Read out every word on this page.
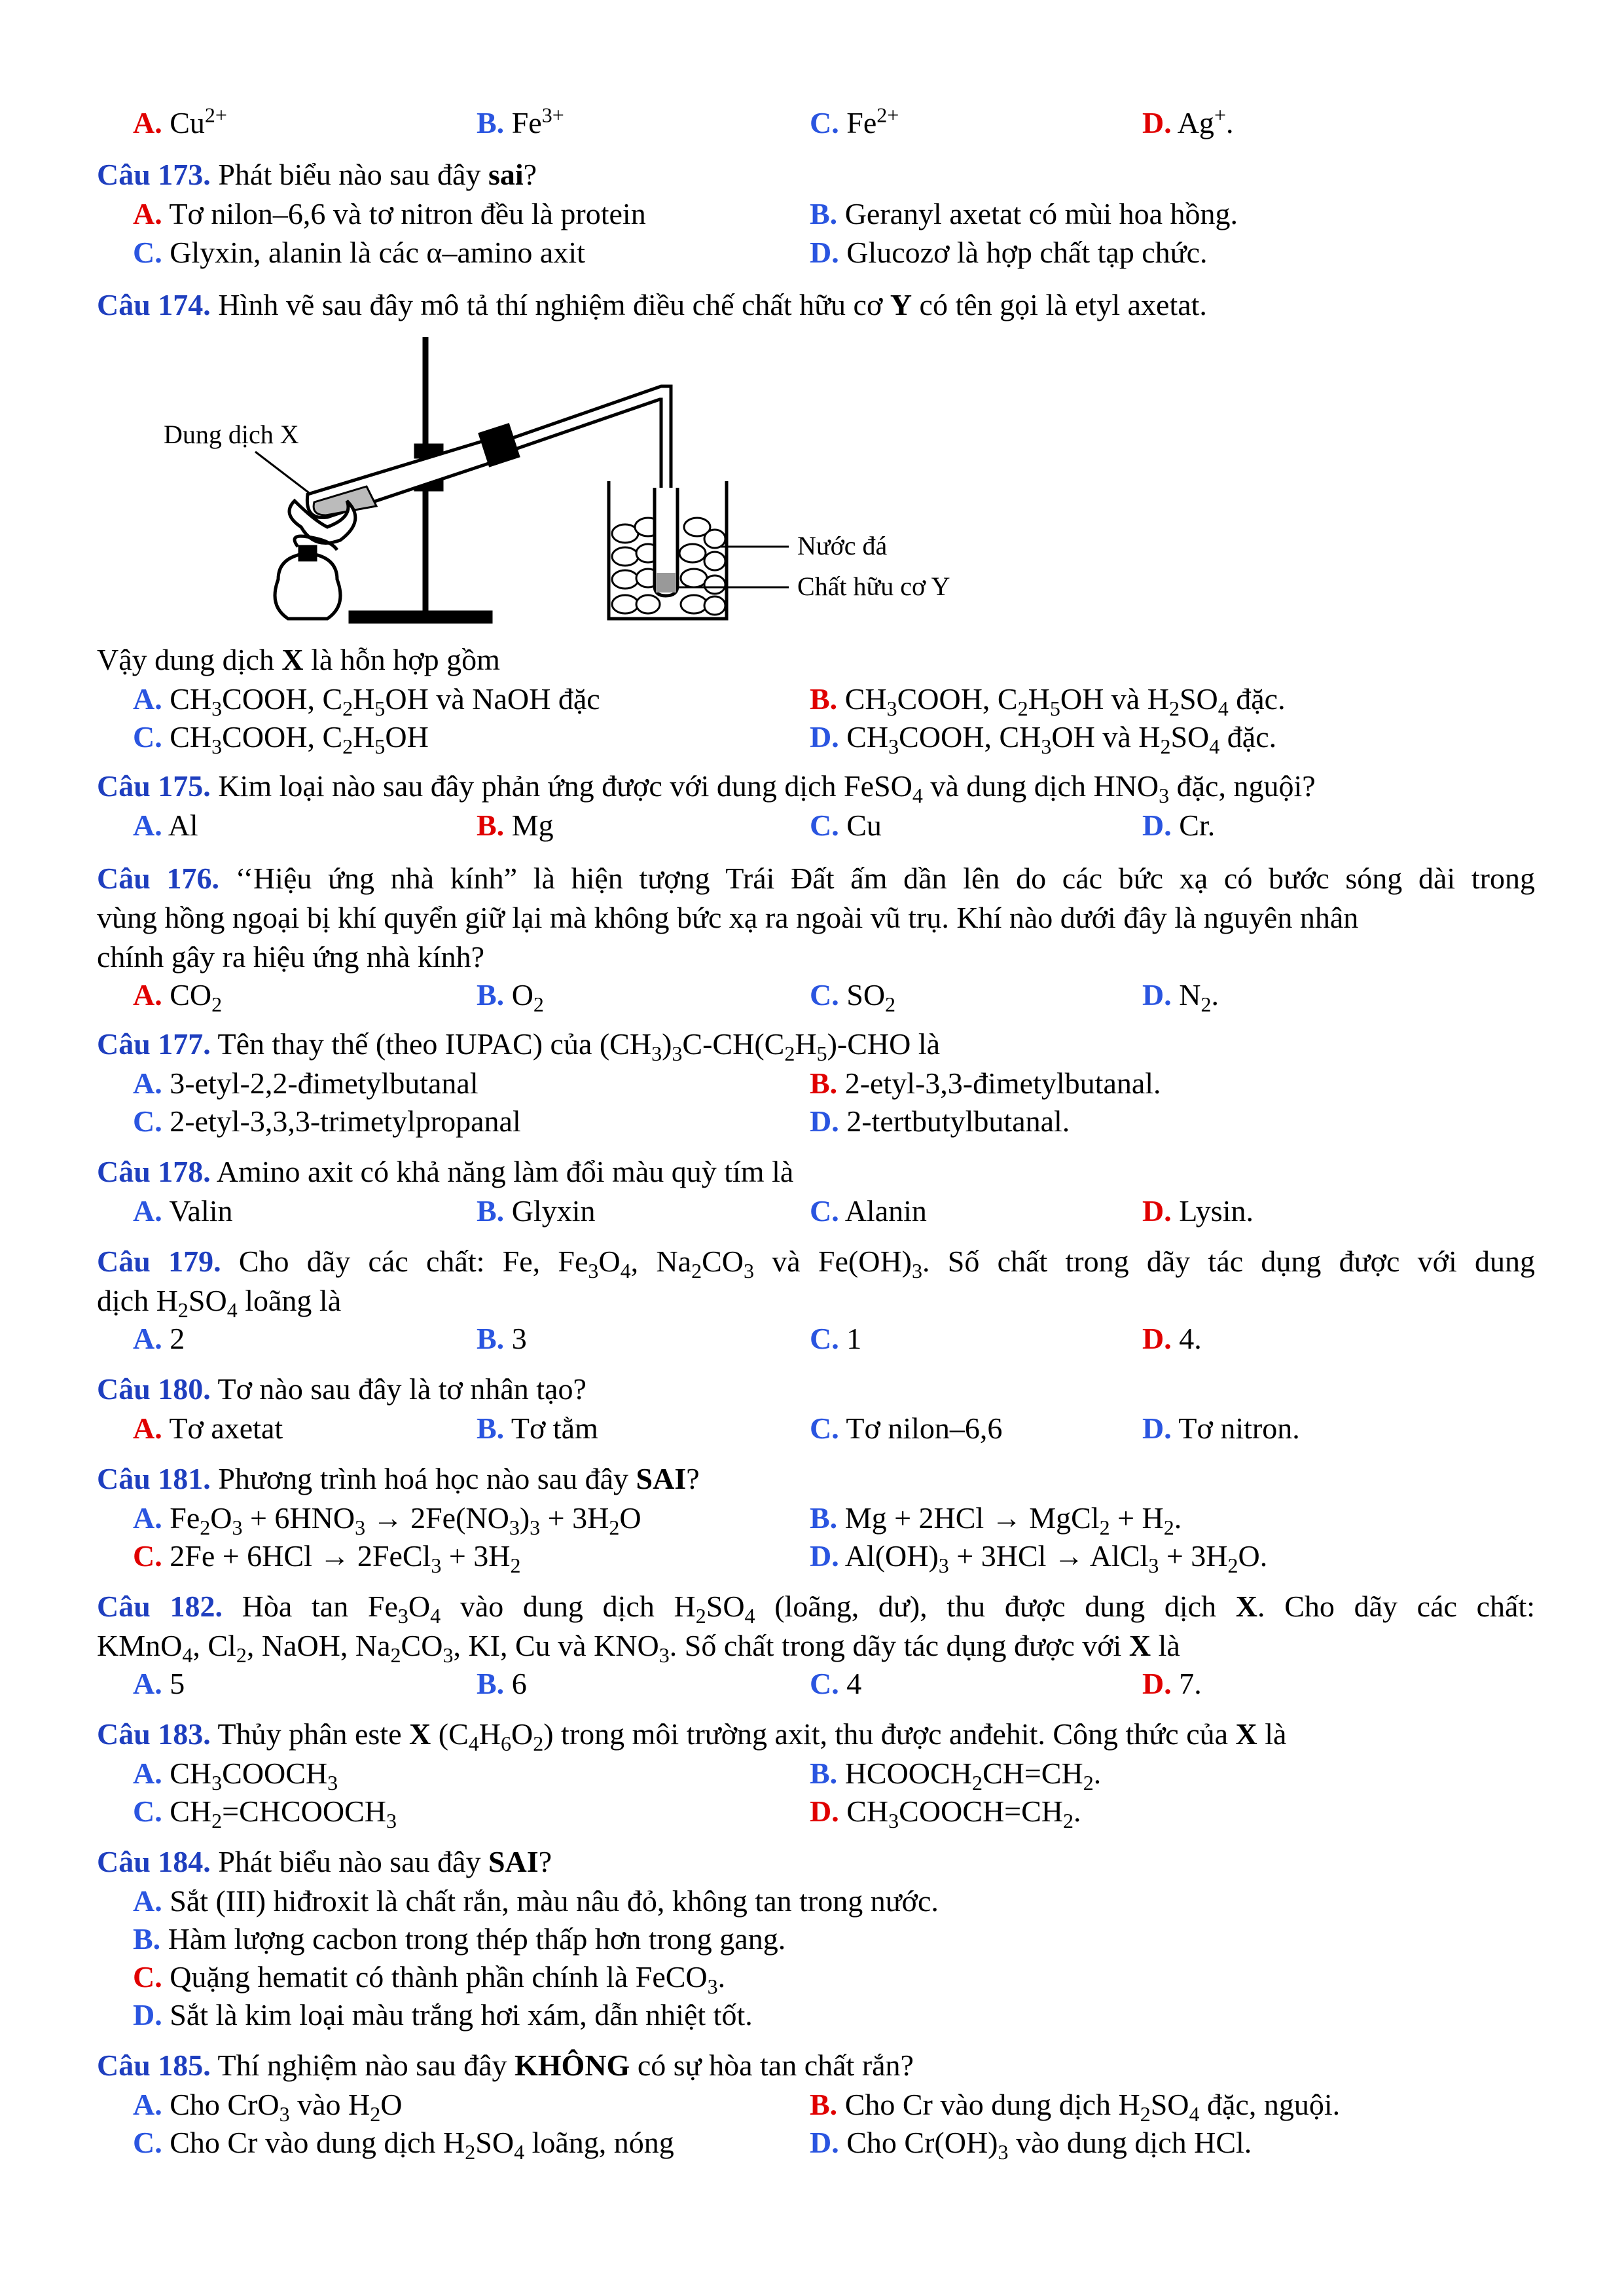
A. $Cu^{2+}$	B. $Fe^{3+}$	C. $Fe^{2+}$	D. Ag+.
Câu 173. Phát biểu nào sau đây sai?
A. Tơ nilon–6,6 và tơ nitron đều là protein	B. Geranyl axetat có mùi hoa hồng.
C. Glyxin, alanin là các α–amino axit	D. Glucozơ là hợp chất tạp chức.
Câu 174. Hình vẽ sau đây mô tả thí nghiệm điều chế chất hữu cơ Y có tên gọi là etyl axetat.
Dung dịch X
Nước đá
Chất hữu cơ Y
Vậy dung dịch X là hỗn hợp gồm
A. $CH_3COOH$, $C_2H_5OH$ và NaOH đặc	B. $CH_3COOH$, $C_2H_5OH$ và $H_2SO_4$ đặc.
C. $CH_3COOH$, $C_2H_5OH$	D. $CH_3COOH$, $CH_3OH$ và $H_2SO_4$ đặc.
Câu 175. Kim loại nào sau đây phản ứng được với dung dịch FeSO$_4$ và dung dịch $HNO_3$ đặc, nguội?
A. Al	B. Mg	C. Cu	D. Cr.
Câu 176. ‘‘Hiệu ứng nhà kính” là hiện tượng Trái Đất ấm dần lên do các bức xạ có bước sóng dài trong
vùng hồng ngoại bị khí quyển giữ lại mà không bức xạ ra ngoài vũ trụ. Khí nào dưới đây là nguyên nhân
chính gây ra hiệu ứng nhà kính?
A. $CO_2$	B. $O_2$	C. $SO_2$	D. $N_2$.
Câu 177. Tên thay thế (theo IUPAC) của $(CH_3)_3C-CH(C_2H_5)$-CHO là
A. 3-etyl-2,2-đimetylbutanal	B. 2-etyl-3,3-đimetylbutanal.
C. 2-etyl-3,3,3-trimetylpropanal	D. 2-tertbutylbutanal.
Câu 178. Amino axit có khả năng làm đổi màu quỳ tím là
A. Valin	B. Glyxin	C. Alanin	D. Lysin.
Câu 179. Cho dãy các chất: Fe, $Fe_3O_4$, $Na_2CO_3$ và $Fe(OH)_3$. Số chất trong dãy tác dụng được với dung
dịch $H_2SO_4$ loãng là
A. 2	B. 3	C. 1	D. 4.
Câu 180. Tơ nào sau đây là tơ nhân tạo?
A. Tơ axetat	B. Tơ tằm	C. Tơ nilon–6,6	D. Tơ nitron.
Câu 181. Phương trình hoá học nào sau đây SAI?
A. $Fe_2O_3 + 6HNO_3 \to 2Fe(NO_3)_3 + 3H_2O$	B. Mg + 2HCl → MgCl$_2$ + $H_2$.
C. 2Fe + 6HCl → 2FeCl$_3$ + $3H_2$	D. $Al(OH)_3 + 3HCl$ → AlCl$_3$ + $3H_2O$.
Câu 182. Hòa $\tan Fe_3O_4$ vào dung dịch $H_2SO_4$ (loãng, dư), thu được dung dịch X. Cho dãy các chất:
KMnO$_4$, $Cl_2$, NaOH, $Na_2CO_3$, KI, Cu và $KNO_3$. Số chất trong dãy tác dụng được với X là
A. 5	B. 6	C. 4	D. 7.
Câu 183. Thủy phân este X $(C_4H_6O_2)$ trong môi trường axit, thu được anđehit. Công thức của X là
A. $CH_3COOCH_3$	B. $HCOOCH_2CH=CH_2$.
C. $CH_2=CHCOOCH_3$	D. $CH_3COOCH=CH_2$.
Câu 184. Phát biểu nào sau đây SAI?
A. Sắt (III) hiđroxit là chất rắn, màu nâu đỏ, không tan trong nước.
B. Hàm lượng cacbon trong thép thấp hơn trong gang.
C. Quặng hematit có thành phần chính là FeCO$_3$.
D. Sắt là kim loại màu trắng hơi xám, dẫn nhiệt tốt.
Câu 185. Thí nghiệm nào sau đây KHÔNG có sự hòa tan chất rắn?
A. Cho CrO$_3$ vào $H_2O$	B. Cho Cr vào dung dịch $H_2SO_4$ đặc, nguội.
C. Cho Cr vào dung dịch $H_2SO_4$ loãng, nóng	D. Cho $Cr(OH)_3$ vào dung dịch HCl.
